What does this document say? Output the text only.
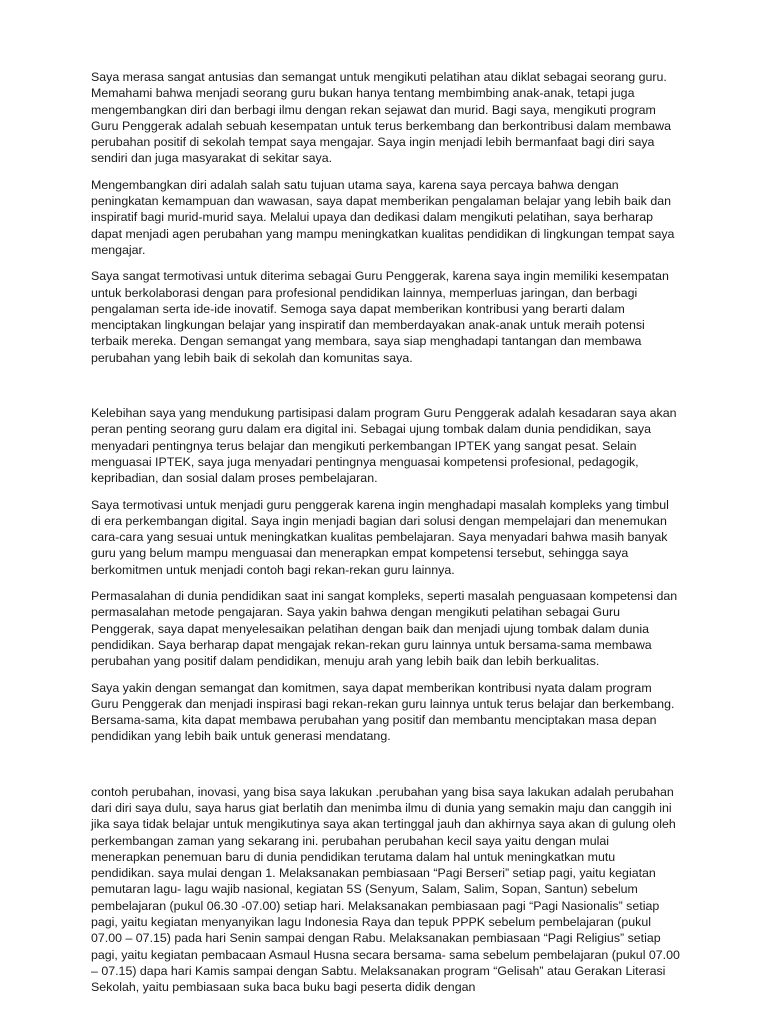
Saya merasa sangat antusias dan semangat untuk mengikuti pelatihan atau diklat sebagai seorang guru. Memahami bahwa menjadi seorang guru bukan hanya tentang membimbing anak-anak, tetapi juga mengembangkan diri dan berbagi ilmu dengan rekan sejawat dan murid. Bagi saya, mengikuti program Guru Penggerak adalah sebuah kesempatan untuk terus berkembang dan berkontribusi dalam membawa perubahan positif di sekolah tempat saya mengajar. Saya ingin menjadi lebih bermanfaat bagi diri saya sendiri dan juga masyarakat di sekitar saya.

Mengembangkan diri adalah salah satu tujuan utama saya, karena saya percaya bahwa dengan peningkatan kemampuan dan wawasan, saya dapat memberikan pengalaman belajar yang lebih baik dan inspiratif bagi murid-murid saya. Melalui upaya dan dedikasi dalam mengikuti pelatihan, saya berharap dapat menjadi agen perubahan yang mampu meningkatkan kualitas pendidikan di lingkungan tempat saya mengajar.

Saya sangat termotivasi untuk diterima sebagai Guru Penggerak, karena saya ingin memiliki kesempatan untuk berkolaborasi dengan para profesional pendidikan lainnya, memperluas jaringan, dan berbagi pengalaman serta ide-ide inovatif. Semoga saya dapat memberikan kontribusi yang berarti dalam menciptakan lingkungan belajar yang inspiratif dan memberdayakan anak-anak untuk meraih potensi terbaik mereka. Dengan semangat yang membara, saya siap menghadapi tantangan dan membawa perubahan yang lebih baik di sekolah dan komunitas saya.

Kelebihan saya yang mendukung partisipasi dalam program Guru Penggerak adalah kesadaran saya akan peran penting seorang guru dalam era digital ini. Sebagai ujung tombak dalam dunia pendidikan, saya menyadari pentingnya terus belajar dan mengikuti perkembangan IPTEK yang sangat pesat. Selain menguasai IPTEK, saya juga menyadari pentingnya menguasai kompetensi profesional, pedagogik, kepribadian, dan sosial dalam proses pembelajaran.

Saya termotivasi untuk menjadi guru penggerak karena ingin menghadapi masalah kompleks yang timbul di era perkembangan digital. Saya ingin menjadi bagian dari solusi dengan mempelajari dan menemukan cara-cara yang sesuai untuk meningkatkan kualitas pembelajaran. Saya menyadari bahwa masih banyak guru yang belum mampu menguasai dan menerapkan empat kompetensi tersebut, sehingga saya berkomitmen untuk menjadi contoh bagi rekan-rekan guru lainnya.

Permasalahan di dunia pendidikan saat ini sangat kompleks, seperti masalah penguasaan kompetensi dan permasalahan metode pengajaran. Saya yakin bahwa dengan mengikuti pelatihan sebagai Guru Penggerak, saya dapat menyelesaikan pelatihan dengan baik dan menjadi ujung tombak dalam dunia pendidikan. Saya berharap dapat mengajak rekan-rekan guru lainnya untuk bersama-sama membawa perubahan yang positif dalam pendidikan, menuju arah yang lebih baik dan lebih berkualitas.

Saya yakin dengan semangat dan komitmen, saya dapat memberikan kontribusi nyata dalam program Guru Penggerak dan menjadi inspirasi bagi rekan-rekan guru lainnya untuk terus belajar dan berkembang. Bersama-sama, kita dapat membawa perubahan yang positif dan membantu menciptakan masa depan pendidikan yang lebih baik untuk generasi mendatang.

contoh perubahan, inovasi, yang bisa saya lakukan .perubahan yang bisa saya lakukan adalah perubahan dari diri saya dulu, saya harus giat berlatih dan menimba ilmu di dunia yang semakin maju dan canggih ini jika saya tidak belajar untuk mengikutinya saya akan tertinggal jauh dan akhirnya saya akan di gulung oleh perkembangan zaman yang sekarang ini. perubahan perubahan kecil saya yaitu dengan mulai menerapkan penemuan baru di dunia pendidikan terutama dalam hal untuk meningkatkan mutu pendidikan. saya mulai dengan 1. Melaksanakan pembiasaan “Pagi Berseri” setiap pagi, yaitu kegiatan pemutaran lagu- lagu wajib nasional, kegiatan 5S (Senyum, Salam, Salim, Sopan, Santun) sebelum pembelajaran (pukul 06.30 -07.00) setiap hari. Melaksanakan pembiasaan pagi “Pagi Nasionalis” setiap pagi, yaitu kegiatan menyanyikan lagu Indonesia Raya dan tepuk PPPK sebelum pembelajaran (pukul 07.00 – 07.15) pada hari Senin sampai dengan Rabu. Melaksanakan pembiasaan “Pagi Religius” setiap pagi, yaitu kegiatan pembacaan Asmaul Husna secara bersama- sama sebelum pembelajaran (pukul 07.00 – 07.15) dapa hari Kamis sampai dengan Sabtu. Melaksanakan program “Gelisah” atau Gerakan Literasi Sekolah, yaitu pembiasaan suka baca buku bagi peserta didik dengan
